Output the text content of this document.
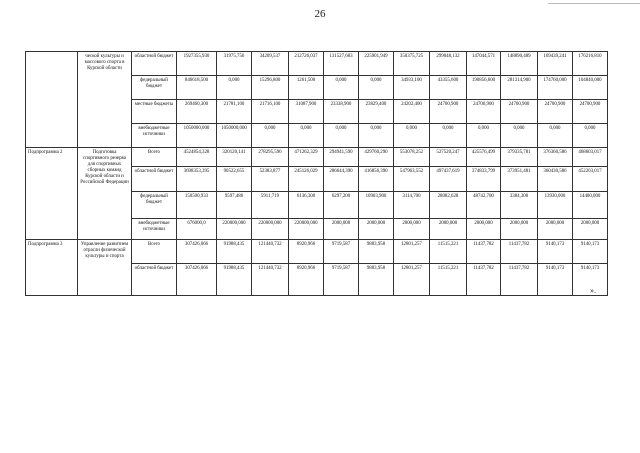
26
	ческой культуры и массового спорта в Курской области	областной бюджет	1927355,930	31975,756	34209,537	212726,037	131527,683	225901,949	350375,725	299048,132	147044,571	148890,489	169439,241	176216,810
		федеральный бюджет	846618,500	0,000	15296,800	1261,500	0,000	0,000	34933,100	43355,600	190856,600	281314,900	174760,000	104840,000
		местные бюджеты	269460,300	21781,100	21716,100	31087,900	23338,900	23829,400	24202,400	24700,900	24700,900	24700,900	24700,900	24700,900
		внебюджетные источники	1050000,000	1050000,000	0,000	0,000	0,000	0,000	0,000	0,000	0,000	0,000	0,000	0,000
Подпрограмма 2	Подготовка спортивного резерва для спортивных сборных команд Курской области и Российской Федерации	Всего	4524854,328	320120,141	278295,596	471262,329	294941,590	429760,290	553078,252	527520,247	425576,499	379335,781	376360,586	468603,017
		областной бюджет	3698353,395	90522,655	52383,877	245126,029	286644,390	416856,390	547963,552	497437,619	374833,799	373951,481	360430,586	452203,017
		федеральный бюджет	150500,933	9597,486	5911,719	6136,300	6297,200	10903,900	3114,700	28082,628	48742,700	3384,300	13930,000	14400,000
		внебюджетные источники	676000,0	220000,000	220000,000	220000,000	2000,000	2000,000	2000,000	2000,000	2000,000	2000,000	2000,000	2000,000
Подпрограмма 3	Управление развитием отрасли физической культуры и спорта	Всего	307426,066	91988,435	121440,732	8920,966	9719,587	9883,958	12801,257	11515,221	11437,782	11437,782	9140,173	9140,173
		областной бюджет	307426,066	91988,435	121440,732	8920,966	9719,587	9883,958	12801,257	11515,221	11437,782	11437,782	9140,173	9140,173
».
